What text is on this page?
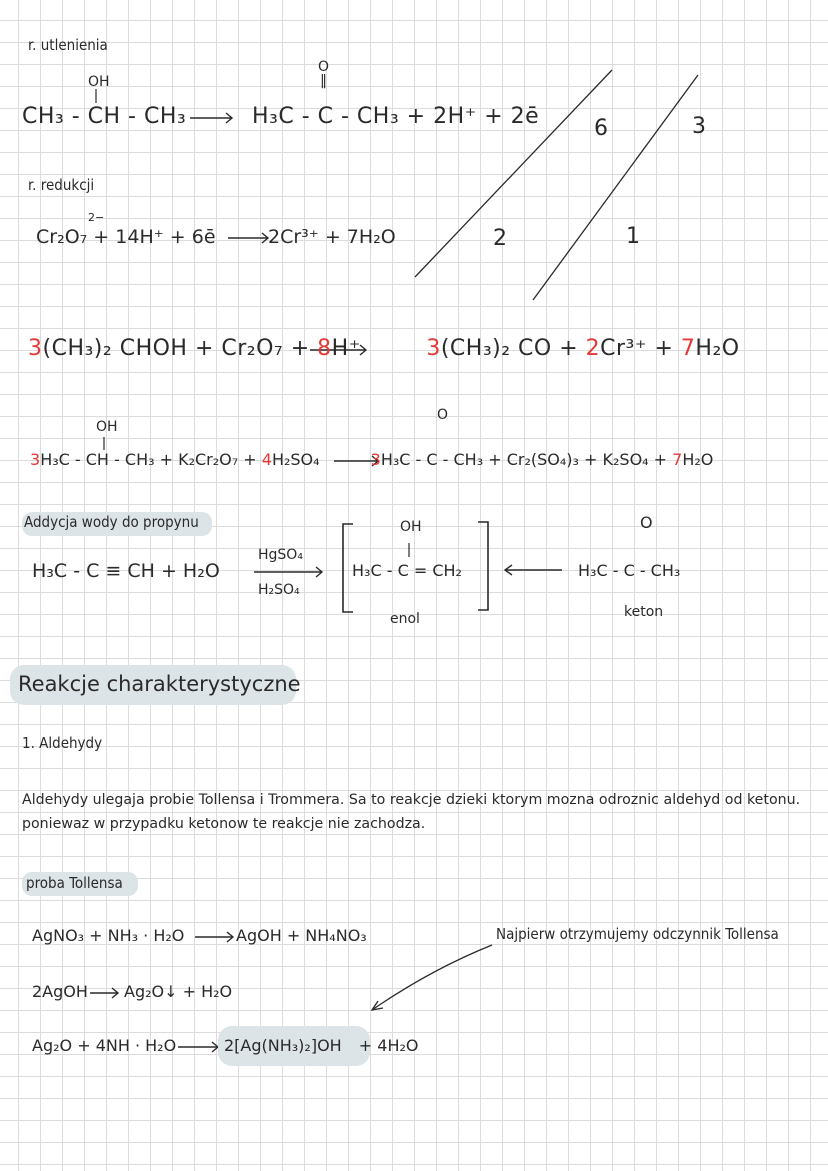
r. utlenienia
O
‖
OH
CH₃ - CH - CH₃	H₃C - C - CH₃ + 2H⁺ + 2ē 6	3
r. redukcji
2−
Cr₂O₇ + 14H⁺ + 6ē	2Cr³⁺ + 7H₂O	2	1
3(CH₃)₂ CHOH + Cr₂O₇ + 8H⁺	3(CH₃)₂ CO + 2Cr³⁺ + 7H₂O
OH
O
3H₃C - CH - CH₃ + K₂Cr₂O₇ + 4H₂SO₄	3H₃C - C - CH₃ + Cr₂(SO₄)₃ + K₂SO₄ + 7H₂O
Addycja wody do propynu
H₃C - C ≡ CH + H₂O
HgSO₄
H₂SO₄
OH
H₃C - C = CH₂
enol
O
H₃C - C - CH₃
keton
Reakcje charakterystyczne
1. Aldehydy
Aldehydy ulegaja probie Tollensa i Trommera. Sa to reakcje dzieki ktorym mozna odroznic aldehyd od ketonu.
poniewaz w przypadku ketonow te reakcje nie zachodza.
proba Tollensa
AgNO₃ + NH₃ · H₂O	AgOH + NH₄NO₃	Najpierw otrzymujemy odczynnik Tollensa
2AgOH Ag₂O↓ + H₂O
Ag₂O + 4NH · H₂O	2[Ag(NH₃)₂]OH + 4H₂O
